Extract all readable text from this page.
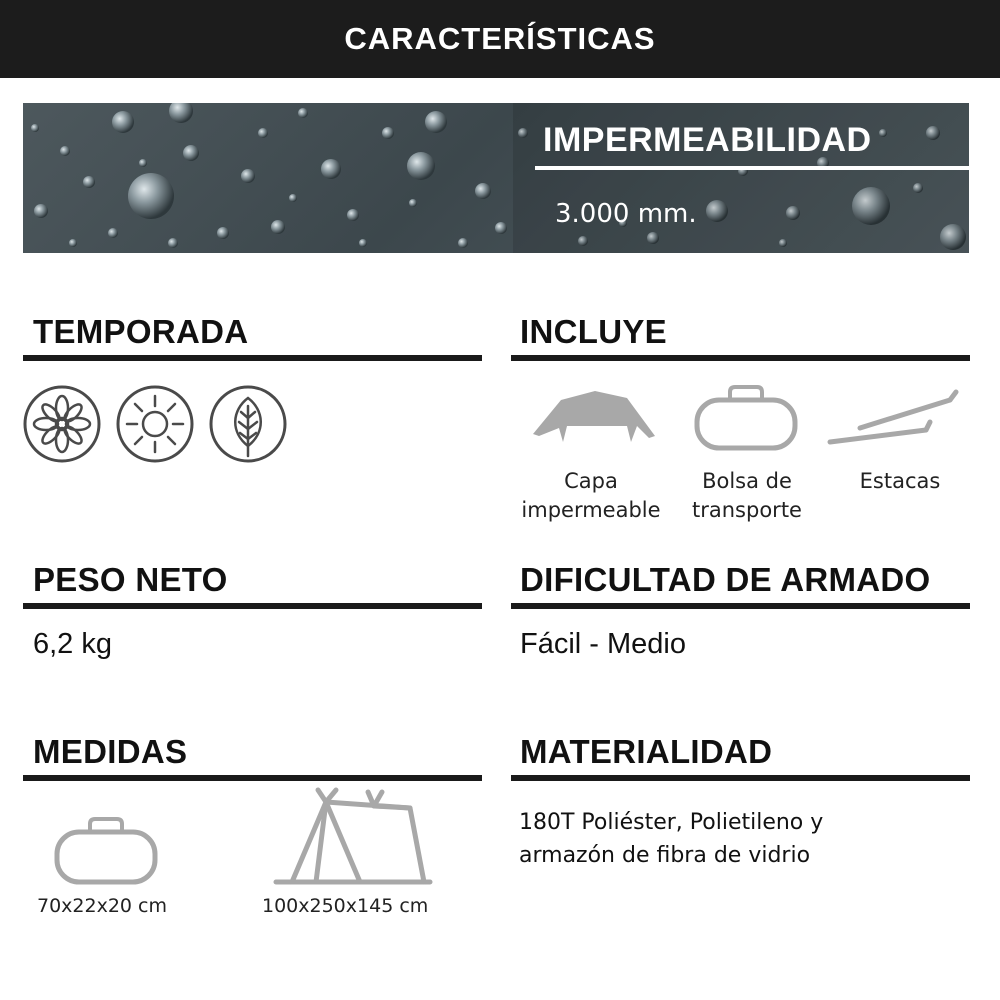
CARACTERÍSTICAS
IMPERMEABILIDAD
3.000 mm.
TEMPORADA	INCLUYE
Capa
impermeable
Bolsa de
transporte
Estacas
PESO NETO
6,2 kg
DIFICULTAD DE ARMADO
Fácil - Medio
MEDIDAS
70x22x20 cm	100x250x145 cm
MATERIALIDAD
180T Poliéster, Polietileno y
armazón de fibra de vidrio
